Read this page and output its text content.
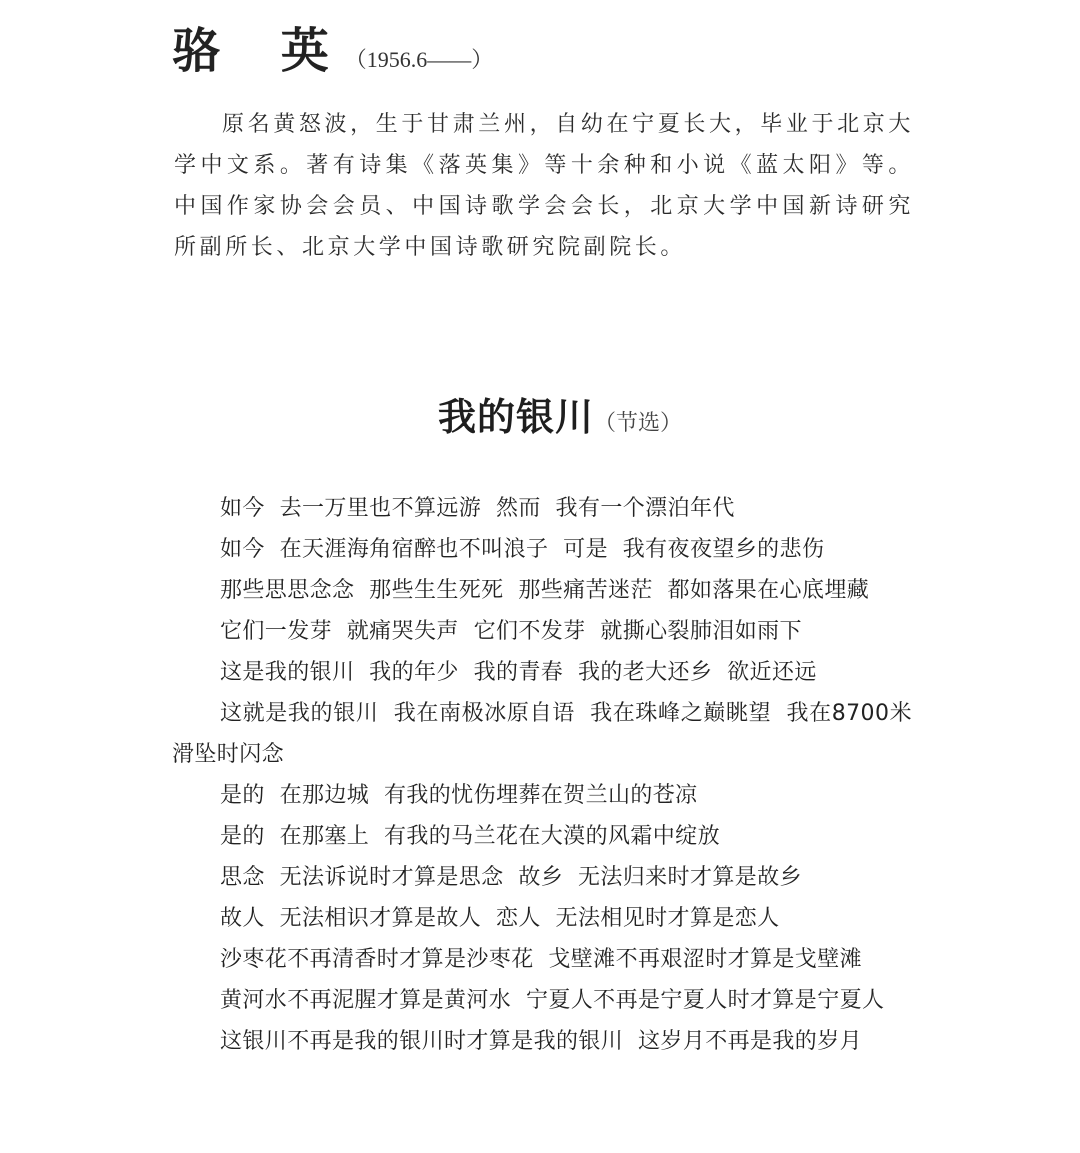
骆 英（1956.6——）

原名黄怒波，生于甘肃兰州，自幼在宁夏长大，毕业于北京大学中文系。著有诗集《落英集》等十余种和小说《蓝太阳》等。中国作家协会会员、中国诗歌学会会长，北京大学中国新诗研究所副所长、北京大学中国诗歌研究院副院长。

我的银川（节选）
如今  去一万里也不算远游  然而  我有一个漂泊年代
如今  在天涯海角宿醉也不叫浪子  可是  我有夜夜望乡的悲伤
那些思思念念  那些生生死死  那些痛苦迷茫  都如落果在心底埋藏
它们一发芽  就痛哭失声  它们不发芽  就撕心裂肺泪如雨下
这是我的银川  我的年少  我的青春  我的老大还乡  欲近还远
这就是我的银川  我在南极冰原自语  我在珠峰之巅眺望  我在8700米滑坠时闪念
是的  在那边城  有我的忧伤埋葬在贺兰山的苍凉
是的  在那塞上  有我的马兰花在大漠的风霜中绽放
思念  无法诉说时才算是思念  故乡  无法归来时才算是故乡
故人  无法相识才算是故人  恋人  无法相见时才算是恋人
沙枣花不再清香时才算是沙枣花  戈壁滩不再艰涩时才算是戈壁滩
黄河水不再泥腥才算是黄河水  宁夏人不再是宁夏人时才算是宁夏人
这银川不再是我的银川时才算是我的银川  这岁月不再是我的岁月
